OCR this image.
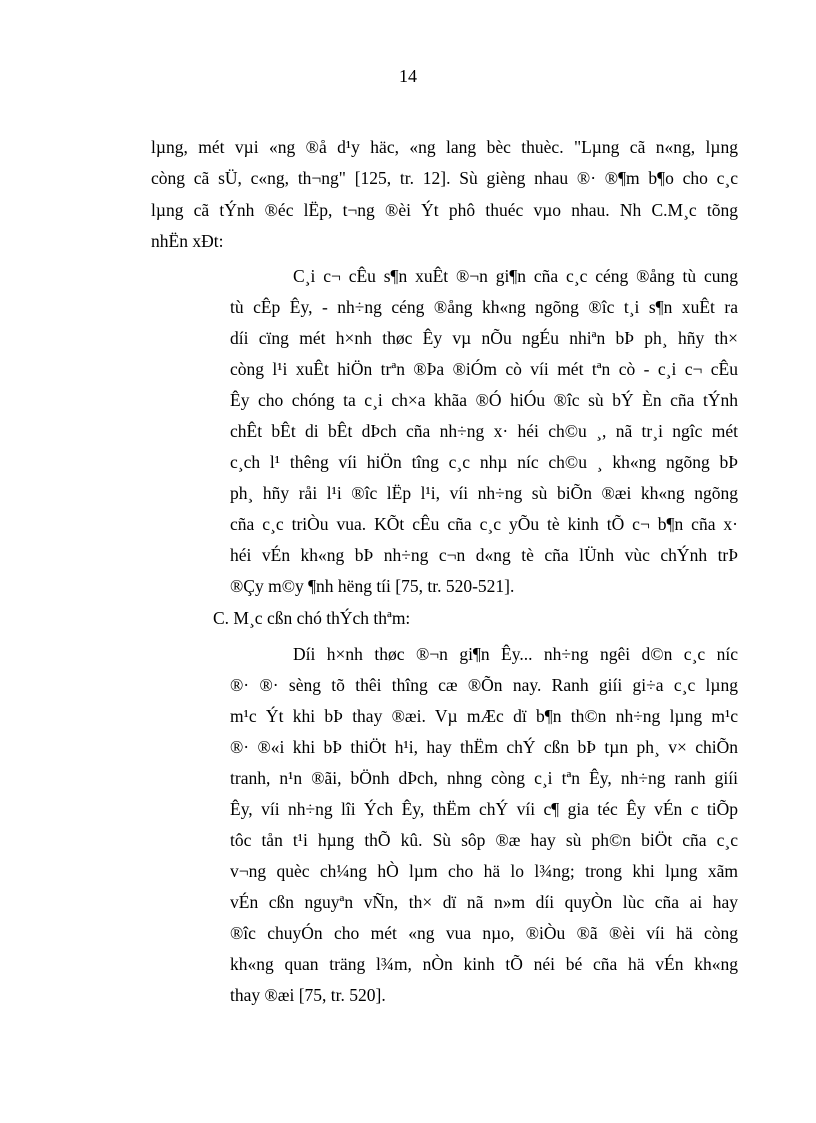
14
lµng, mét vµi «ng ®å d¹y häc, «ng lang bèc thuèc. "Lµng cã n«ng, lµng
còng cã sÜ, c«ng, th¬ng" [125, tr. 12]. Sù gièng nhau ®· ®¶m b¶o cho c¸c
lµng cã tÝnh ®éc lËp, t¬ng ®èi Ýt phô thuéc vµo nhau. Nh C.M¸c tõng
nhËn xÐt:
C¸i c¬ cÊu s¶n xuÊt ®¬n gi¶n cña c¸c céng ®ång tù cung
tù cÊp Êy, - nh÷ng céng ®ång kh«ng ngõng ®îc t¸i s¶n xuÊt ra
díi cïng mét h×nh thøc Êy vµ nÕu ngÉu nhiªn bÞ ph¸ hñy th×
còng l¹i xuÊt hiÖn trªn ®Þa ®iÓm cò víi mét tªn cò - c¸i c¬ cÊu
Êy cho chóng ta c¸i ch×a khãa ®Ó hiÓu ®îc sù bÝ Èn cña tÝnh
chÊt bÊt di bÊt dÞch cña nh÷ng x· héi ch©u ¸, nã tr¸i ngîc mét
c¸ch l¹ thêng víi hiÖn tîng c¸c nhµ níc ch©u ¸ kh«ng ngõng bÞ
ph¸ hñy råi l¹i ®îc lËp l¹i, víi nh÷ng sù biÕn ®æi kh«ng ngõng
cña c¸c triÒu vua. KÕt cÊu cña c¸c yÕu tè kinh tÕ c¬ b¶n cña x·
héi vÉn kh«ng bÞ nh÷ng c¬n d«ng tè cña lÜnh vùc chÝnh trÞ
®Çy m©y ¶nh hëng tíi [75, tr. 520-521].
C. M¸c cßn chó thÝch thªm:
Díi h×nh thøc ®¬n gi¶n Êy... nh÷ng ngêi d©n c¸c níc
®· ®· sèng tõ thêi thîng cæ ®Õn nay. Ranh giíi gi÷a c¸c lµng
m¹c Ýt khi bÞ thay ®æi. Vµ mÆc dï b¶n th©n nh÷ng lµng m¹c
®· ®«i khi bÞ thiÖt h¹i, hay thËm chÝ cßn bÞ tµn ph¸ v× chiÕn
tranh, n¹n ®ãi, bÖnh dÞch, nhng còng c¸i tªn Êy, nh÷ng ranh giíi
Êy, víi nh÷ng lîi Ých Êy, thËm chÝ víi c¶ gia téc Êy vÉn c tiÕp
tôc tån t¹i hµng thÕ kû. Sù sôp ®æ hay sù ph©n biÖt cña c¸c
v¬ng quèc ch¼ng hÒ lµm cho hä lo l¾ng; trong khi lµng xãm
vÉn cßn nguyªn vÑn, th× dï nã n»m díi quyÒn lùc cña ai hay
®îc chuyÓn cho mét «ng vua nµo, ®iÒu ®ã ®èi víi hä còng
kh«ng quan träng l¾m, nÒn kinh tÕ néi bé cña hä vÉn kh«ng
thay ®æi [75, tr. 520].
